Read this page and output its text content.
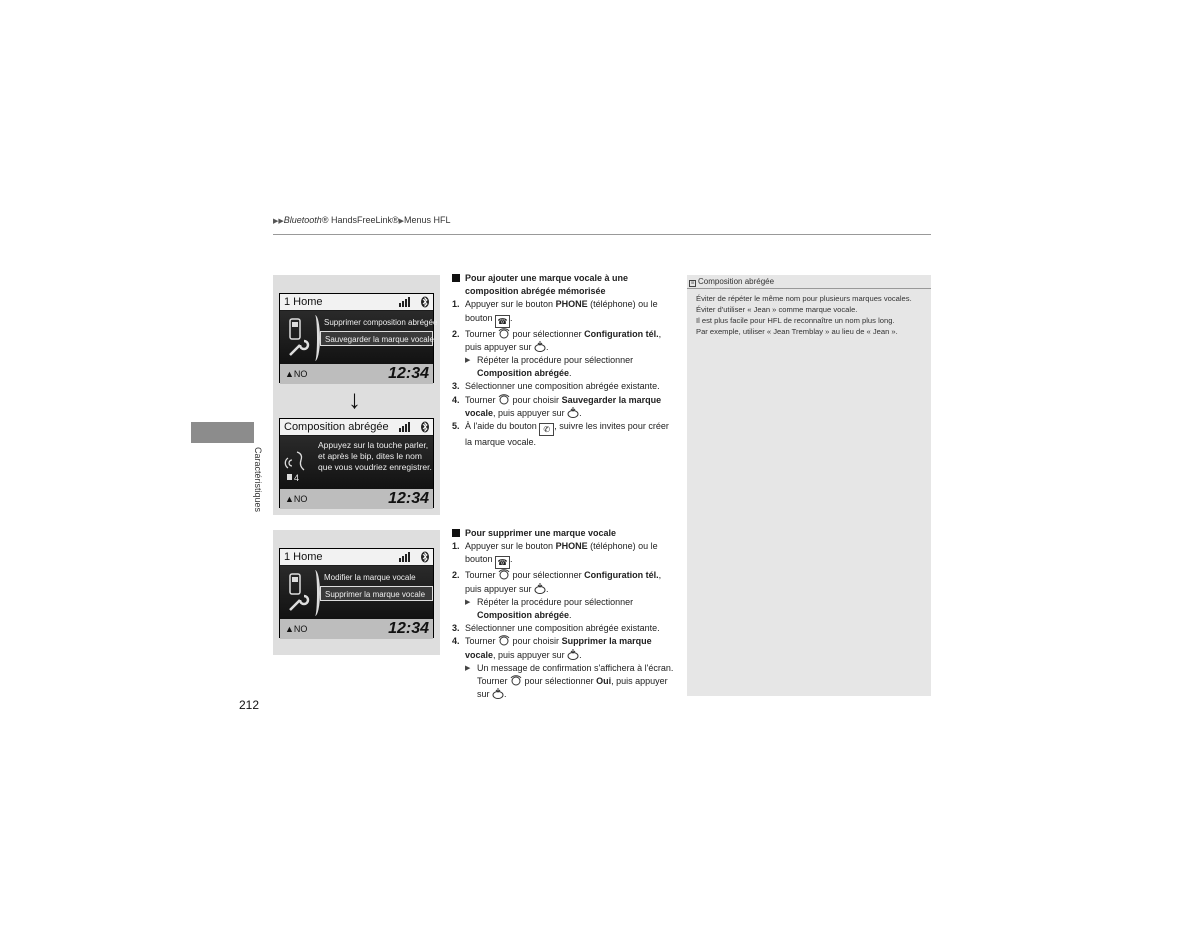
▶▶Bluetooth® HandsFreeLink®▶Menus HFL
Caractéristiques
1 Home
Supprimer composition abrégée
Sauvegarder la marque vocale
▲NO	12:34
Composition abrégée
4
Appuyez sur la touche parler, et après le bip, dites le nom que vous voudriez enregistrer.
▲NO	12:34
↓
1 Home
Modifier la marque vocale
Supprimer la marque vocale
▲NO	12:34
Pour ajouter une marque vocale à une composition abrégée mémorisée
1. Appuyer sur le bouton PHONE (téléphone) ou le bouton ☎ .
2. Tourner  pour sélectionner Configuration tél., puis appuyer sur .
▶ Répéter la procédure pour sélectionner Composition abrégée.
3. Sélectionner une composition abrégée existante.
4. Tourner  pour choisir Sauvegarder la marque vocale, puis appuyer sur .
5. À l'aide du bouton ✆ , suivre les invites pour créer la marque vocale.
Pour supprimer une marque vocale
1. Appuyer sur le bouton PHONE (téléphone) ou le bouton ☎ .
2. Tourner  pour sélectionner Configuration tél., puis appuyer sur .
▶ Répéter la procédure pour sélectionner Composition abrégée.
3. Sélectionner une composition abrégée existante.
4. Tourner  pour choisir Supprimer la marque vocale, puis appuyer sur .
▶ Un message de confirmation s'affichera à l'écran. Tourner  pour sélectionner Oui, puis appuyer sur .
≡ Composition abrégée

Éviter de répéter le même nom pour plusieurs marques vocales.

Éviter d'utiliser « Jean » comme marque vocale.

Il est plus facile pour HFL de reconnaître un nom plus long.

Par exemple, utiliser « Jean Tremblay » au lieu de « Jean ».

212
